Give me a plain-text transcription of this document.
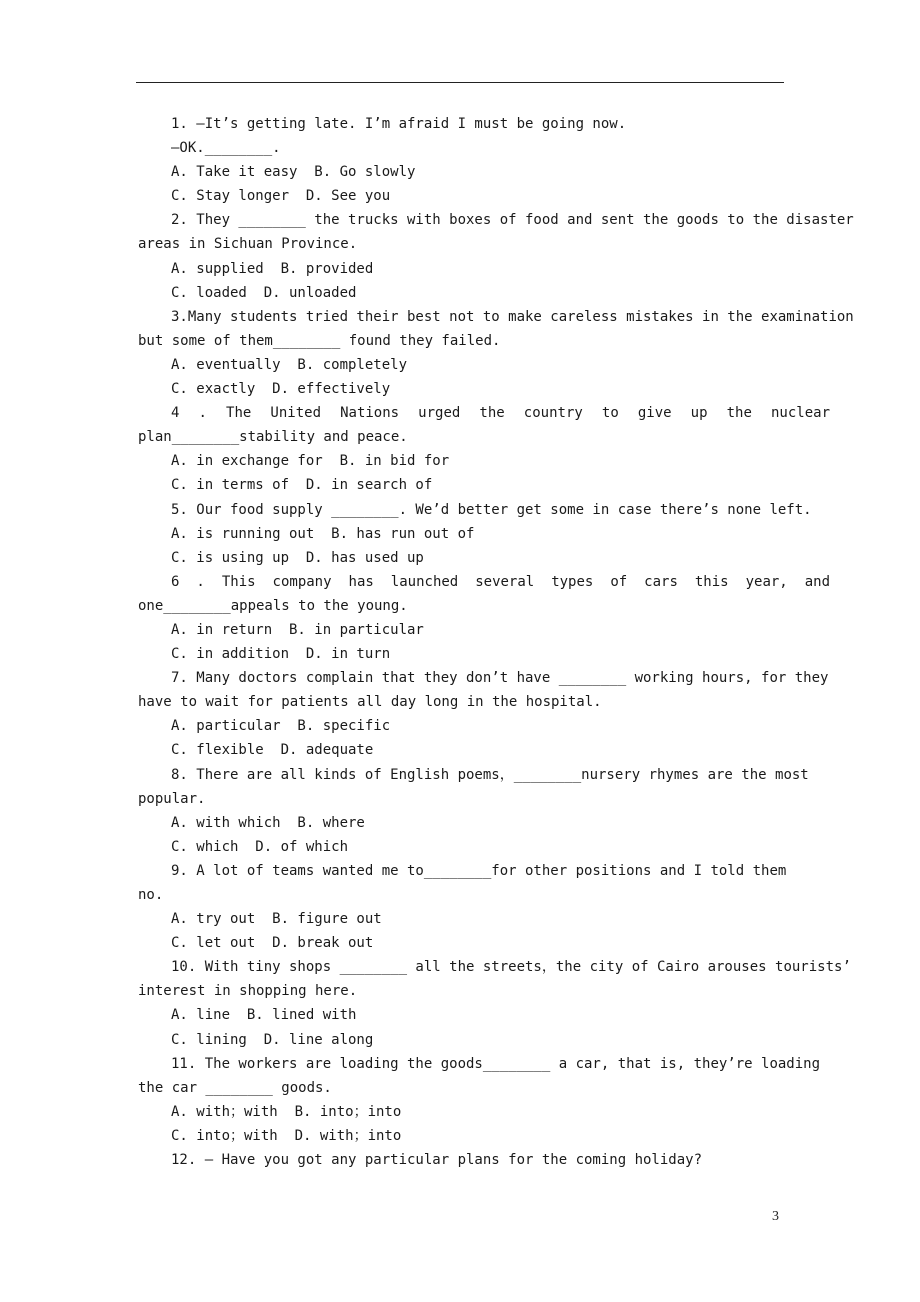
1. —It’s getting late. I’m afraid I must be going now.
—OK.________.
A. Take it easy  B. Go slowly
C. Stay longer  D. See you
2. They ________ the trucks with boxes of food and sent the goods to the disaster
areas in Sichuan Province.
A. supplied  B. provided
C. loaded  D. unloaded
3.Many students tried their best not to make careless mistakes in the examination
but some of them________ found they failed.
A. eventually  B. completely
C. exactly  D. effectively
4 . The United Nations urged the country to give up the nuclear
plan________stability and peace.
A. in exchange for  B. in bid for
C. in terms of  D. in search of
5. Our food supply ________. We’d better get some in case there’s none left.
A. is running out  B. has run out of
C. is using up  D. has used up
6 . This company has launched several types of cars this year, and
one________appeals to the young.
A. in return  B. in particular
C. in addition  D. in turn
7. Many doctors complain that they don’t have ________ working hours, for they
have to wait for patients all day long in the hospital.
A. particular  B. specific
C. flexible  D. adequate
8. There are all kinds of English poems，________nursery rhymes are the most
popular.
A. with which  B. where
C. which  D. of which
9. A lot of teams wanted me to________for other positions and I told them
no.
A. try out  B. figure out
C. let out  D. break out
10. With tiny shops ________ all the streets，the city of Cairo arouses tourists’
interest in shopping here.
A. line  B. lined with
C. lining  D. line along
11. The workers are loading the goods________ a car, that is, they’re loading
the car ________ goods.
A. with；with  B. into；into
C. into；with  D. with；into
12. — Have you got any particular plans for the coming holiday?
3
